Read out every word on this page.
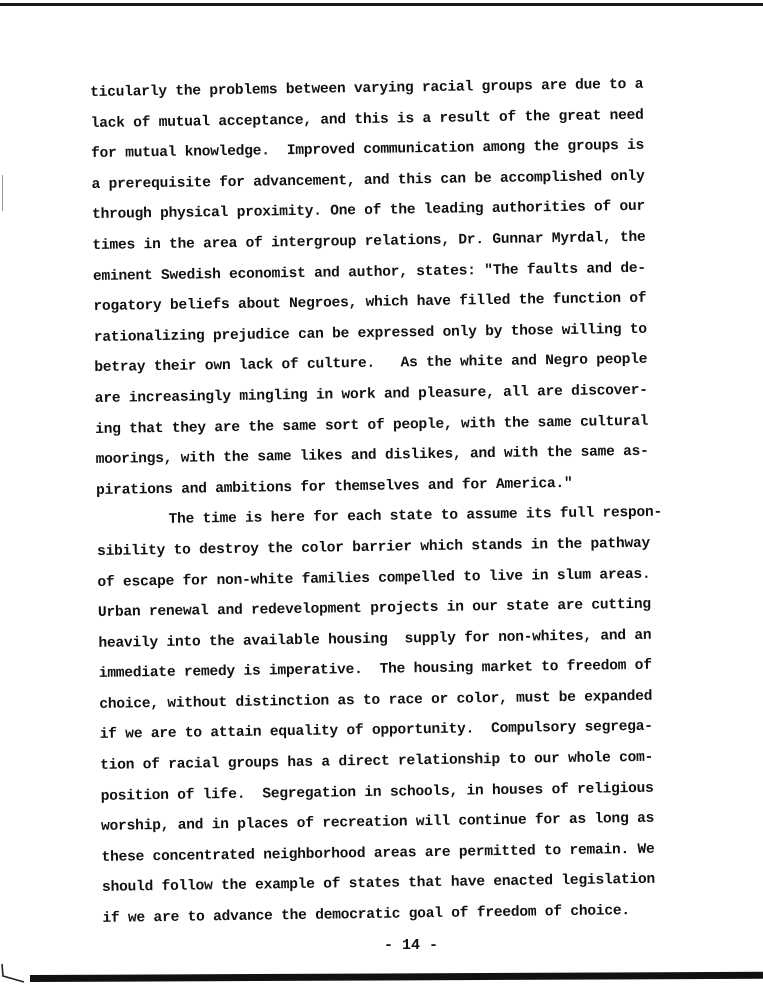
ticularly the problems between varying racial groups are due to a
lack of mutual acceptance, and this is a result of the great need
for mutual knowledge.  Improved communication among the groups is
a prerequisite for advancement, and this can be accomplished only
through physical proximity. One of the leading authorities of our
times in the area of intergroup relations, Dr. Gunnar Myrdal, the
eminent Swedish economist and author, states: "The faults and de-
rogatory beliefs about Negroes, which have filled the function of
rationalizing prejudice can be expressed only by those willing to
betray their own lack of culture.   As the white and Negro people
are increasingly mingling in work and pleasure, all are discover-
ing that they are the same sort of people, with the same cultural
moorings, with the same likes and dislikes, and with the same as-
pirations and ambitions for themselves and for America."
The time is here for each state to assume its full respon-
sibility to destroy the color barrier which stands in the pathway
of escape for non-white families compelled to live in slum areas.
Urban renewal and redevelopment projects in our state are cutting
heavily into the available housing  supply for non-whites, and an
immediate remedy is imperative.  The housing market to freedom of
choice, without distinction as to race or color, must be expanded
if we are to attain equality of opportunity.  Compulsory segrega-
tion of racial groups has a direct relationship to our whole com-
position of life.  Segregation in schools, in houses of religious
worship, and in places of recreation will continue for as long as
these concentrated neighborhood areas are permitted to remain. We
should follow the example of states that have enacted legislation
if we are to advance the democratic goal of freedom of choice.
- 14 -
